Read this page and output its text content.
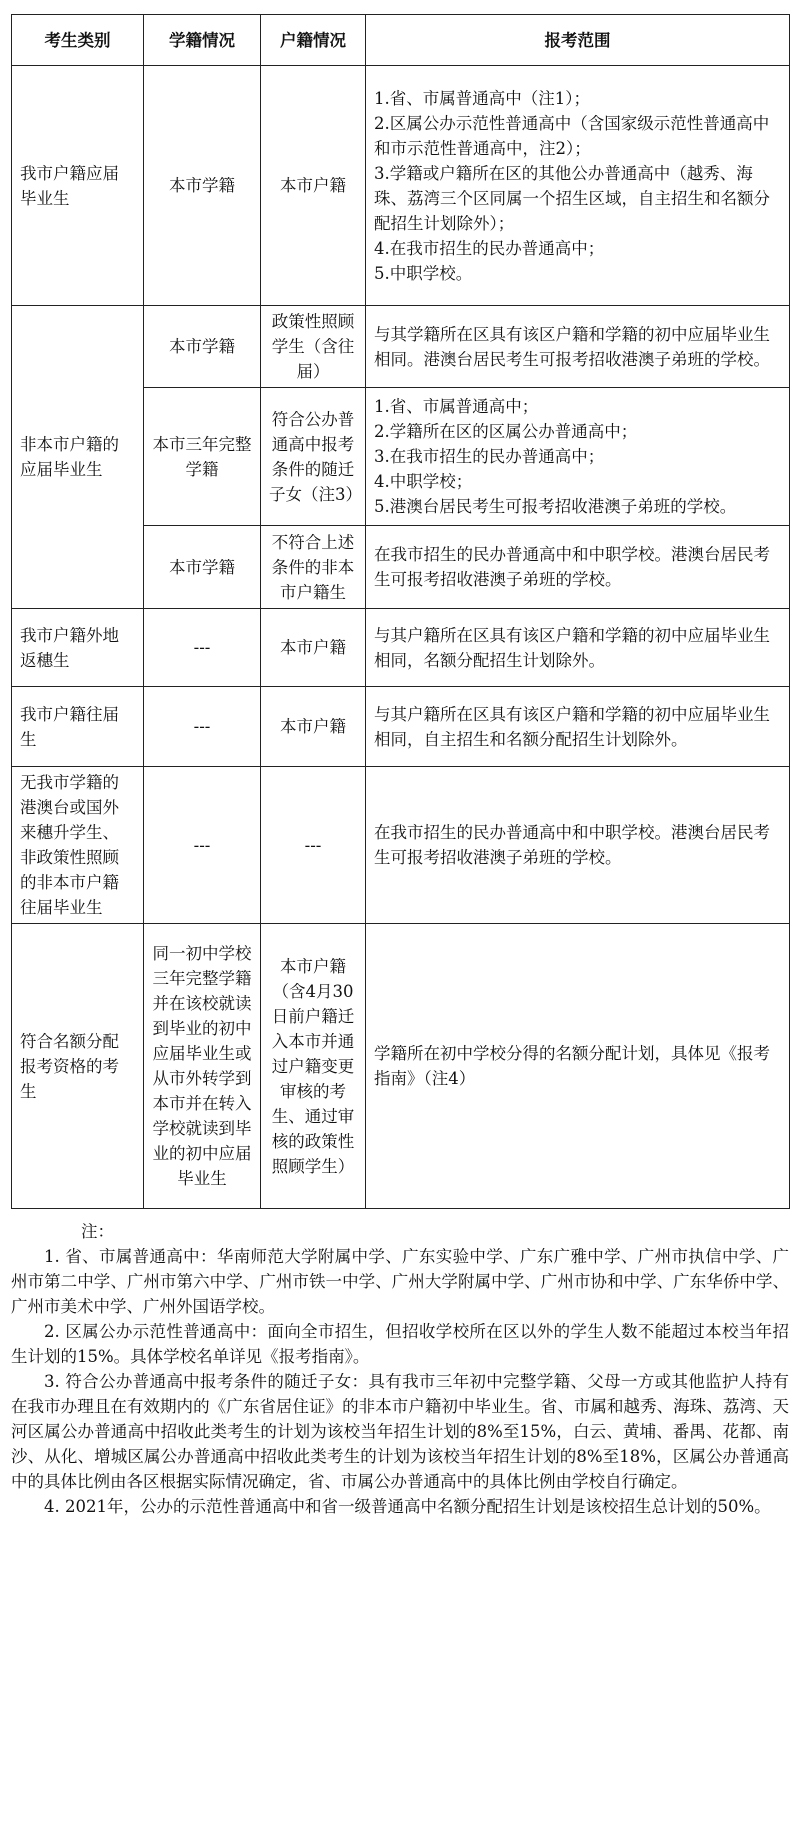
考生类别	学籍情况	户籍情况	报考范围
我市户籍应届毕业生	本市学籍	本市户籍	1.省、市属普通高中（注1）；
2.区属公办示范性普通高中（含国家级示范性普通高中和市示范性普通高中，注2）；
3.学籍或户籍所在区的其他公办普通高中（越秀、海珠、荔湾三个区同属一个招生区域，自主招生和名额分配招生计划除外）；
4.在我市招生的民办普通高中；
5.中职学校。

非本市户籍的应届毕业生	本市学籍	政策性照顾学生（含往届）	与其学籍所在区具有该区户籍和学籍的初中应届毕业生相同。港澳台居民考生可报考招收港澳子弟班的学校。

	本市三年完整学籍	符合公办普通高中报考条件的随迁子女（注3）	1.省、市属普通高中；
2.学籍所在区的区属公办普通高中；
3.在我市招生的民办普通高中；
4.中职学校；
5.港澳台居民考生可报考招收港澳子弟班的学校。

	本市学籍	不符合上述条件的非本市户籍生	在我市招生的民办普通高中和中职学校。港澳台居民考生可报考招收港澳子弟班的学校。

我市户籍外地返穗生	---	本市户籍	与其户籍所在区具有该区户籍和学籍的初中应届毕业生相同，名额分配招生计划除外。

我市户籍往届生	---	本市户籍	与其户籍所在区具有该区户籍和学籍的初中应届毕业生相同，自主招生和名额分配招生计划除外。

无我市学籍的港澳台或国外来穗升学生、非政策性照顾的非本市户籍往届毕业生	---	---	在我市招生的民办普通高中和中职学校。港澳台居民考生可报考招收港澳子弟班的学校。

符合名额分配报考资格的考生	同一初中学校三年完整学籍并在该校就读到毕业的初中应届毕业生或从市外转学到本市并在转入学校就读到毕业的初中应届毕业生	本市户籍（含4月30日前户籍迁入本市并通过户籍变更审核的考生、通过审核的政策性照顾学生）	学籍所在初中学校分得的名额分配计划，具体见《报考指南》（注4）

注：

1. 省、市属普通高中：华南师范大学附属中学、广东实验中学、广东广雅中学、广州市执信中学、广州市第二中学、广州市第六中学、广州市铁一中学、广州大学附属中学、广州市协和中学、广东华侨中学、广州市美术中学、广州外国语学校。

2. 区属公办示范性普通高中：面向全市招生，但招收学校所在区以外的学生人数不能超过本校当年招生计划的15%。具体学校名单详见《报考指南》。

3. 符合公办普通高中报考条件的随迁子女：具有我市三年初中完整学籍、父母一方或其他监护人持有在我市办理且在有效期内的《广东省居住证》的非本市户籍初中毕业生。省、市属和越秀、海珠、荔湾、天河区属公办普通高中招收此类考生的计划为该校当年招生计划的8%至15%，白云、黄埔、番禺、花都、南沙、从化、增城区属公办普通高中招收此类考生的计划为该校当年招生计划的8%至18%，区属公办普通高中的具体比例由各区根据实际情况确定，省、市属公办普通高中的具体比例由学校自行确定。

4. 2021年，公办的示范性普通高中和省一级普通高中名额分配招生计划是该校招生总计划的50%。
